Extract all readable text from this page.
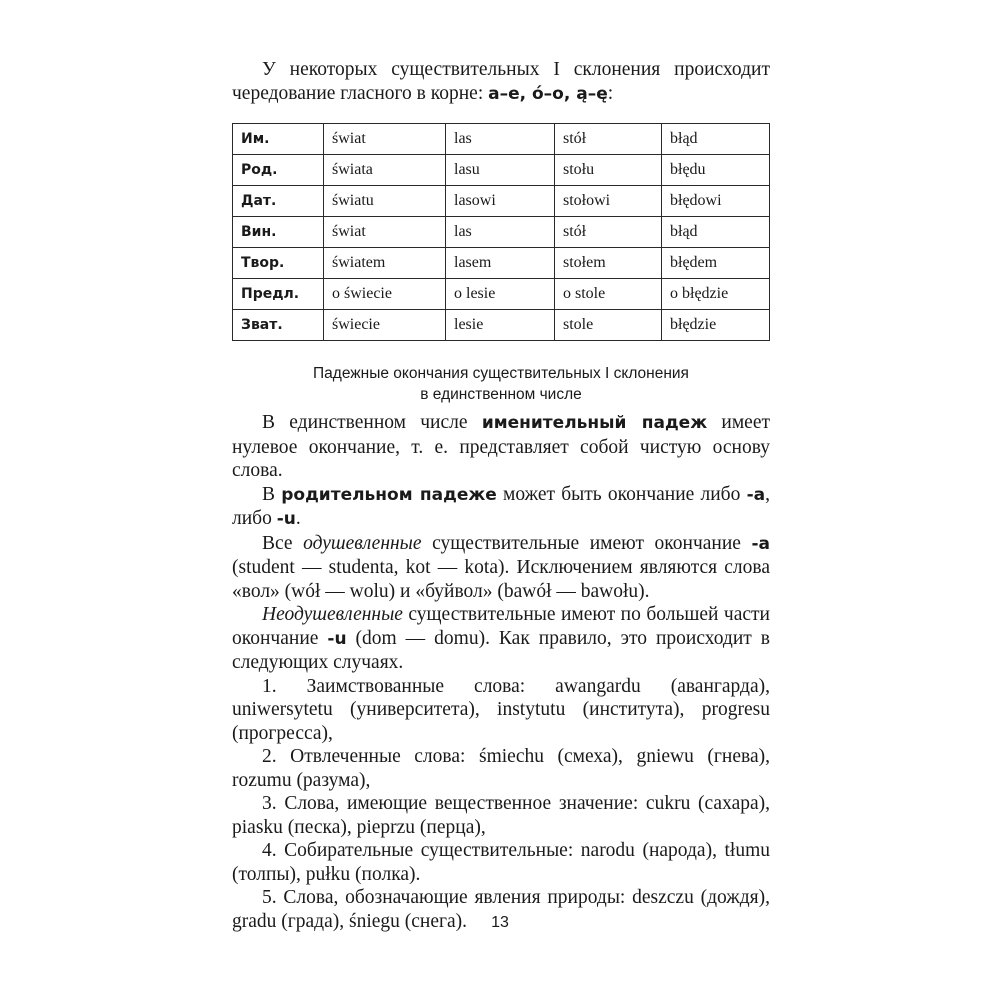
У некоторых существительных I склонения происходит чередование гласного в корне: а–е, ó–о, ą–ę:

Им.	świat	las	stół	błąd
Род.	świata	lasu	stołu	błędu
Дат.	światu	lasowi	stołowi	błędowi
Вин.	świat	las	stół	błąd
Твор.	światem	lasem	stołem	błędem
Предл.	o świecie	o lesie	o stole	o błędzie
Зват.	świecie	lesie	stole	błędzie
Падежные окончания существительных I склонения
в единственном числе

В единственном числе именительный падеж имеет нулевое окончание, т. е. представляет собой чистую основу слова.

В родительном падеже может быть окончание либо -а, либо -u.

Все одушевленные существительные имеют окончание -а (student — studenta, kot — kota). Исключением являются слова «вол» (wół — wolu) и «буйвол» (bawół — bawołu).

Неодушевленные существительные имеют по большей части окончание -u (dom — domu). Как правило, это происходит в следующих случаях.

1. Заимствованные слова: awangardu (авангарда), uniwersytetu (университета), instytutu (института), progresu (прогресса),

2. Отвлеченные слова: śmiechu (смеха), gniewu (гнева), rozumu (разума),

3. Слова, имеющие вещественное значение: cukru (сахара), piasku (песка), pieprzu (перца),

4. Собирательные существительные: narodu (народа), tłumu (толпы), pułku (полка).

5. Слова, обозначающие явления природы: deszczu (дождя), gradu (града), śniegu (снега).	13
